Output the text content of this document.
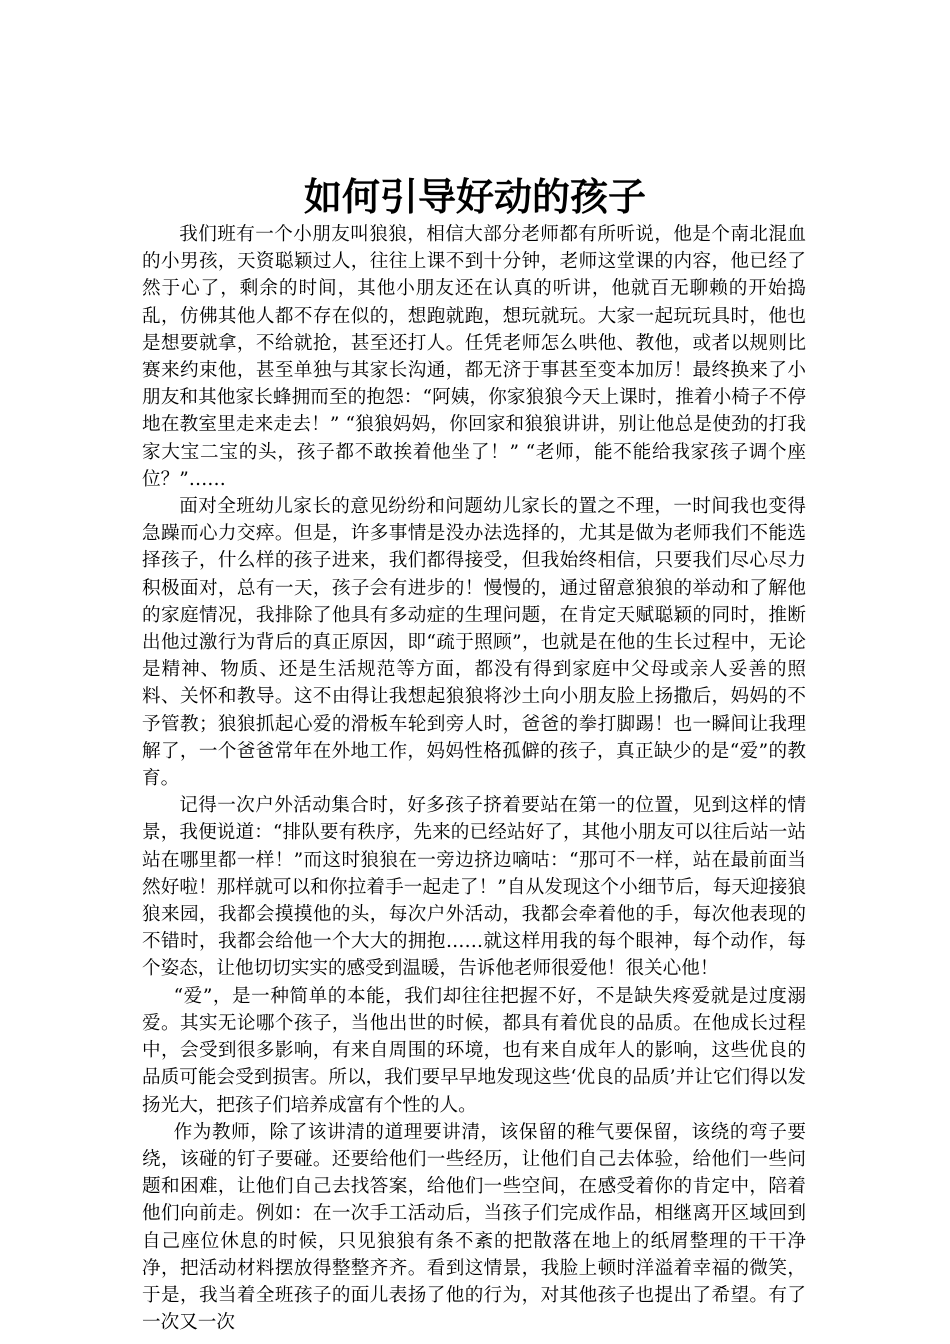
如何引导好动的孩子

我们班有一个小朋友叫狼狼，相信大部分老师都有所听说，他是个南北混血的小男孩，天资聪颖过人，往往上课不到十分钟，老师这堂课的内容，他已经了然于心了，剩余的时间，其他小朋友还在认真的听讲，他就百无聊赖的开始捣乱，仿佛其他人都不存在似的，想跑就跑，想玩就玩。大家一起玩玩具时，他也是想要就拿，不给就抢，甚至还打人。任凭老师怎么哄他、教他，或者以规则比赛来约束他，甚至单独与其家长沟通，都无济于事甚至变本加厉！最终换来了小朋友和其他家长蜂拥而至的抱怨：“阿姨，你家狼狼今天上课时，推着小椅子不停地在教室里走来走去！” “狼狼妈妈，你回家和狼狼讲讲，别让他总是使劲的打我家大宝二宝的头，孩子都不敢挨着他坐了！” “老师，能不能给我家孩子调个座位？”……

面对全班幼儿家长的意见纷纷和问题幼儿家长的置之不理，一时间我也变得急躁而心力交瘁。但是，许多事情是没办法选择的，尤其是做为老师我们不能选择孩子，什么样的孩子进来，我们都得接受，但我始终相信，只要我们尽心尽力积极面对，总有一天，孩子会有进步的！慢慢的，通过留意狼狼的举动和了解他的家庭情况，我排除了他具有多动症的生理问题，在肯定天赋聪颖的同时，推断出他过激行为背后的真正原因，即“疏于照顾”，也就是在他的生长过程中，无论是精神、物质、还是生活规范等方面，都没有得到家庭中父母或亲人妥善的照料、关怀和教导。这不由得让我想起狼狼将沙土向小朋友脸上扬撒后，妈妈的不予管教；狼狼抓起心爱的滑板车轮到旁人时，爸爸的拳打脚踢！也一瞬间让我理解了，一个爸爸常年在外地工作，妈妈性格孤僻的孩子，真正缺少的是“爱”的教育。

记得一次户外活动集合时，好多孩子挤着要站在第一的位置，见到这样的情景，我便说道：“排队要有秩序，先来的已经站好了，其他小朋友可以往后站一站站在哪里都一样！”而这时狼狼在一旁边挤边嘀咕：“那可不一样，站在最前面当然好啦！那样就可以和你拉着手一起走了！”自从发现这个小细节后，每天迎接狼狼来园，我都会摸摸他的头，每次户外活动，我都会牵着他的手，每次他表现的不错时，我都会给他一个大大的拥抱……就这样用我的每个眼神，每个动作，每个姿态，让他切切实实的感受到温暖，告诉他老师很爱他！很关心他！

“爱”，是一种简单的本能，我们却往往把握不好，不是缺失疼爱就是过度溺爱。其实无论哪个孩子，当他出世的时候，都具有着优良的品质。在他成长过程中，会受到很多影响，有来自周围的环境，也有来自成年人的影响，这些优良的品质可能会受到损害。所以，我们要早早地发现这些‘优良的品质’并让它们得以发扬光大，把孩子们培养成富有个性的人。

作为教师，除了该讲清的道理要讲清，该保留的稚气要保留，该绕的弯子要绕，该碰的钉子要碰。还要给他们一些经历，让他们自己去体验，给他们一些问题和困难，让他们自己去找答案，给他们一些空间，在感受着你的肯定中，陪着他们向前走。例如：在一次手工活动后，当孩子们完成作品，相继离开区域回到自己座位休息的时候，只见狼狼有条不紊的把散落在地上的纸屑整理的干干净净，把活动材料摆放得整整齐齐。看到这情景，我脸上顿时洋溢着幸福的微笑，于是，我当着全班孩子的面儿表扬了他的行为，对其他孩子也提出了希望。有了一次又一次
